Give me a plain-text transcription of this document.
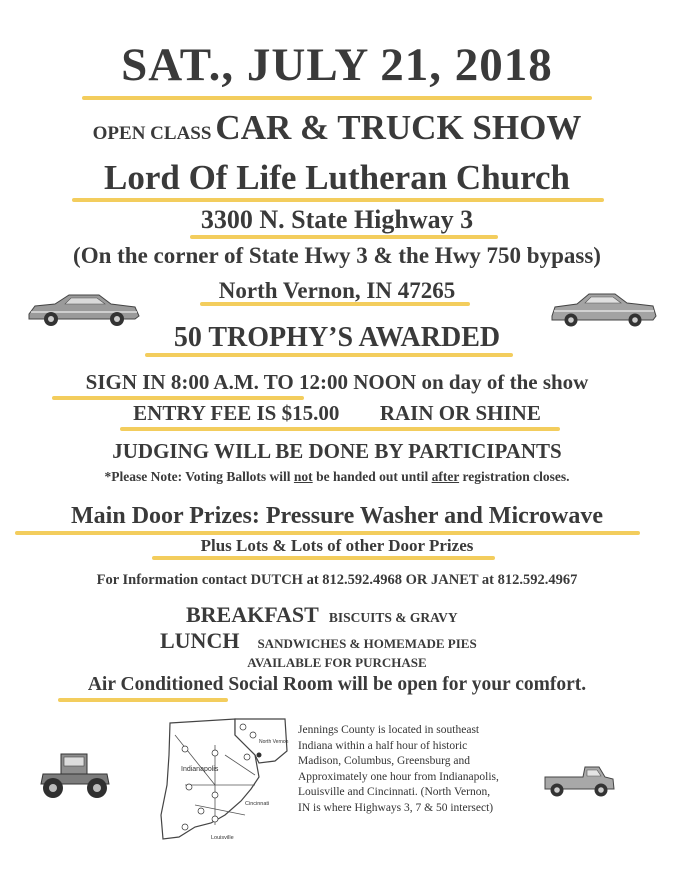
SAT., JULY 21, 2018
OPEN CLASS CAR & TRUCK SHOW
Lord Of Life Lutheran Church
3300 N. State Highway 3
(On the corner of State Hwy 3 & the Hwy 750 bypass)
North Vernon, IN 47265
50 TROPHY’S AWARDED
SIGN IN 8:00 A.M. TO 12:00 NOON on day of the show
ENTRY FEE IS $15.00 RAIN OR SHINE
JUDGING WILL BE DONE BY PARTICIPANTS
*Please Note: Voting Ballots will not be handed out until after registration closes.
Main Door Prizes: Pressure Washer and Microwave
Plus Lots & Lots of other Door Prizes
For Information contact DUTCH at 812.592.4968 OR JANET at 812.592.4967
BREAKFAST BISCUITS & GRAVY
LUNCH SANDWICHES & HOMEMADE PIES
AVAILABLE FOR PURCHASE
Air Conditioned Social Room will be open for your comfort.
Indianapolis
North Vernon
Cincinnati
Louisville
Jennings County is located in southeast Indiana within a half hour of historic Madison, Columbus, Greensburg and Approximately one hour from Indianapolis, Louisville and Cincinnati. (North Vernon, IN is where Highways 3, 7 & 50 intersect)
